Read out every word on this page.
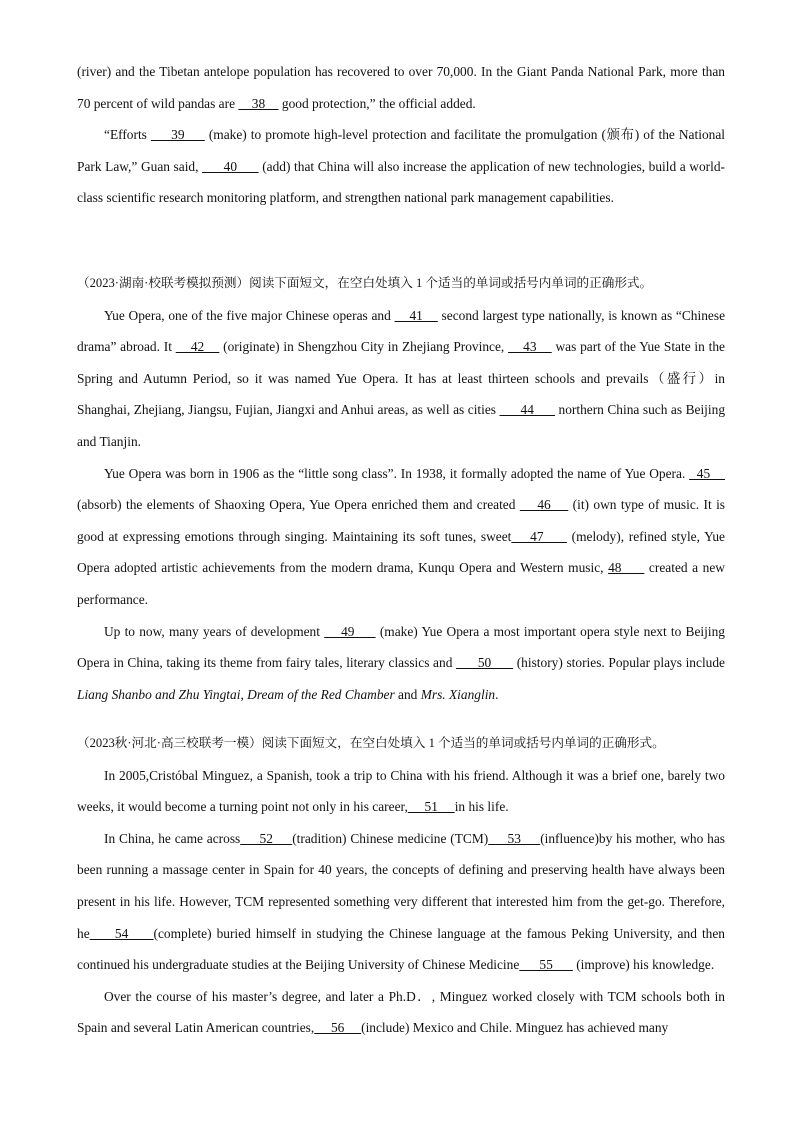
(river) and the Tibetan antelope population has recovered to over 70,000. In the Giant Panda National Park, more than 70 percent of wild pandas are     38     good protection,” the official added.

“Efforts      39      (make) to promote high-level protection and facilitate the promulgation (颁布) of the National Park Law,” Guan said,       40       (add) that China will also increase the application of new technologies, build a world-class scientific research monitoring platform, and strengthen national park management capabilities.

（2023·湖南·校联考模拟预测）阅读下面短文，在空白处填入 1 个适当的单词或括号内单词的正确形式。

Yue Opera, one of the five major Chinese operas and     41     second largest type nationally, is known as “Chinese drama” abroad. It     42     (originate) in Shengzhou City in Zhejiang Province,     43     was part of the Yue State in the Spring and Autumn Period, so it was named Yue Opera. It has at least thirteen schools and prevails（盛行）in Shanghai, Zhejiang, Jiangsu, Fujian, Jiangxi and Anhui areas, as well as cities       44       northern China such as Beijing and Tianjin.

Yue Opera was born in 1906 as the “little song class”. In 1938, it formally adopted the name of Yue Opera.   45     (absorb) the elements of Shaoxing Opera, Yue Opera enriched them and created     46     (it) own type of music. It is good at expressing emotions through singing. Maintaining its soft tunes, sweet    47      (melody), refined style, Yue Opera adopted artistic achievements from the modern drama, Kunqu Opera and Western music, 48      created a new performance.

Up to now, many years of development     49      (make) Yue Opera a most important opera style next to Beijing Opera in China, taking its theme from fairy tales, literary classics and       50       (history) stories. Popular plays include Liang Shanbo and Zhu Yingtai, Dream of the Red Chamber and Mrs. Xianglin.

（2023秋·河北·高三校联考一模）阅读下面短文，在空白处填入 1 个适当的单词或括号内单词的正确形式。

In 2005,Cristóbal Minguez, a Spanish, took a trip to China with his friend. Although it was a brief one, barely two weeks, it would become a turning point not only in his career,     51     in his life.

In China, he came across     52     (tradition) Chinese medicine (TCM)     53     (influence)by his mother, who has been running a massage center in Spain for 40 years, the concepts of defining and preserving health have always been present in his life. However, TCM represented something very different that interested him from the get-go. Therefore, he     54     (complete) buried himself in studying the Chinese language at the famous Peking University, and then continued his undergraduate studies at the Beijing University of Chinese Medicine      55       (improve) his knowledge.

Over the course of his master’s degree, and later a Ph.D．, Minguez worked closely with TCM schools both in Spain and several Latin American countries,     56     (include) Mexico and Chile. Minguez has achieved many
